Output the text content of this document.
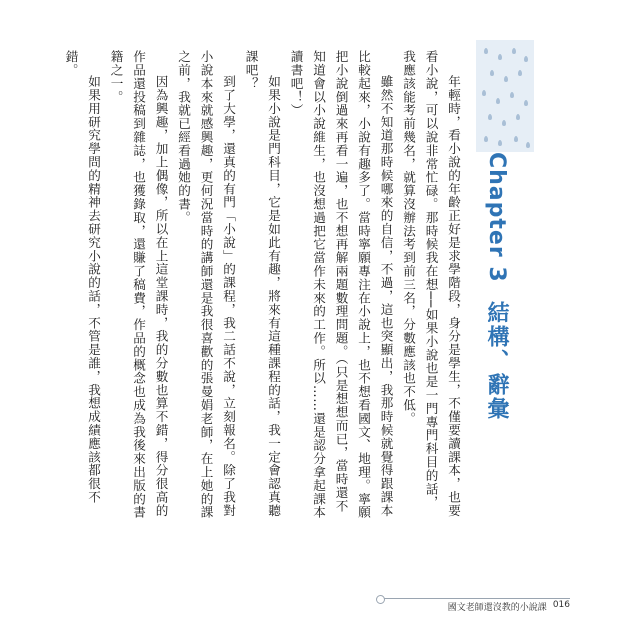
Chapter 3 結構、辭彙

年輕時，看小說的年齡正好是求學階段，身分是學生，不僅要讀課本，也要看小說，可以說非常忙碌。那時候我在想──如果小說也是一門專門科目的話，我應該能考前幾名，就算沒辦法考到前三名，分數應該也不低。

雖然不知道那時候哪來的自信，不過，這也突顯出，我那時候就覺得跟課本比較起來，小說有趣多了。當時寧願專注在小說上，也不想看國文、地理。寧願把小說倒過來再看一遍，也不想再解兩題數理問題。（只是想想而已，當時還不知道會以小說維生，也沒想過把它當作未來的工作。所以……還是認分拿起課本讀書吧！）

如果小說是門科目，它是如此有趣，將來有這種課程的話，我一定會認真聽課吧？

到了大學，還真的有門「小說」的課程，我二話不說，立刻報名。除了我對小說本來就感興趣，更何況當時的講師還是我很喜歡的張曼娟老師，在上她的課之前，我就已經看過她的書。

因為興趣，加上偶像，所以在上這堂課時，我的分數也算不錯，得分很高的作品還投稿到雜誌，也獲錄取，還賺了稿費，作品的概念也成為我後來出版的書籍之一。

如果用研究學問的精神去研究小說的話，不管是誰，我想成績應該都很不錯。

國文老師還沒教的小說課 016
